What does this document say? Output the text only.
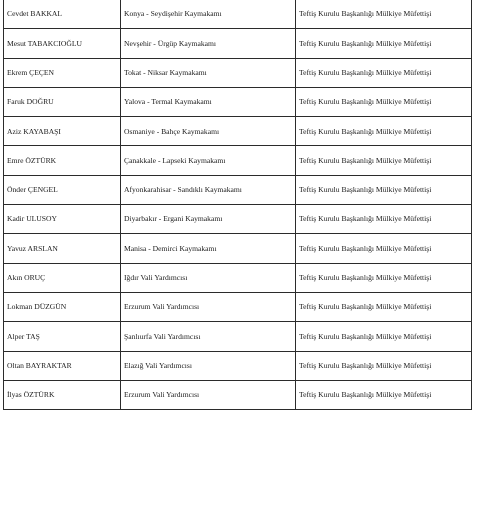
Cevdet BAKKAL	Konya - Seydişehir Kaymakamı	Teftiş Kurulu Başkanlığı Mülkiye Müfettişi
Mesut TABAKCIOĞLU	Nevşehir - Ürgüp Kaymakamı	Teftiş Kurulu Başkanlığı Mülkiye Müfettişi
Ekrem ÇEÇEN	Tokat - Niksar Kaymakamı	Teftiş Kurulu Başkanlığı Mülkiye Müfettişi
Faruk DOĞRU	Yalova - Termal Kaymakamı	Teftiş Kurulu Başkanlığı Mülkiye Müfettişi
Aziz KAYABAŞI	Osmaniye - Bahçe Kaymakamı	Teftiş Kurulu Başkanlığı Mülkiye Müfettişi
Emre ÖZTÜRK	Çanakkale - Lapseki Kaymakamı	Teftiş Kurulu Başkanlığı Mülkiye Müfettişi
Önder ÇENGEL	Afyonkarahisar - Sandıklı Kaymakamı	Teftiş Kurulu Başkanlığı Mülkiye Müfettişi
Kadir ULUSOY	Diyarbakır - Ergani Kaymakamı	Teftiş Kurulu Başkanlığı Mülkiye Müfettişi
Yavuz ARSLAN	Manisa - Demirci Kaymakamı	Teftiş Kurulu Başkanlığı Mülkiye Müfettişi
Akın ORUÇ	Iğdır Vali Yardımcısı	Teftiş Kurulu Başkanlığı Mülkiye Müfettişi
Lokman DÜZGÜN	Erzurum Vali Yardımcısı	Teftiş Kurulu Başkanlığı Mülkiye Müfettişi
Alper TAŞ	Şanlıurfa Vali Yardımcısı	Teftiş Kurulu Başkanlığı Mülkiye Müfettişi
Oltan BAYRAKTAR	Elazığ Vali Yardımcısı	Teftiş Kurulu Başkanlığı Mülkiye Müfettişi
İlyas ÖZTÜRK	Erzurum Vali Yardımcısı	Teftiş Kurulu Başkanlığı Mülkiye Müfettişi
